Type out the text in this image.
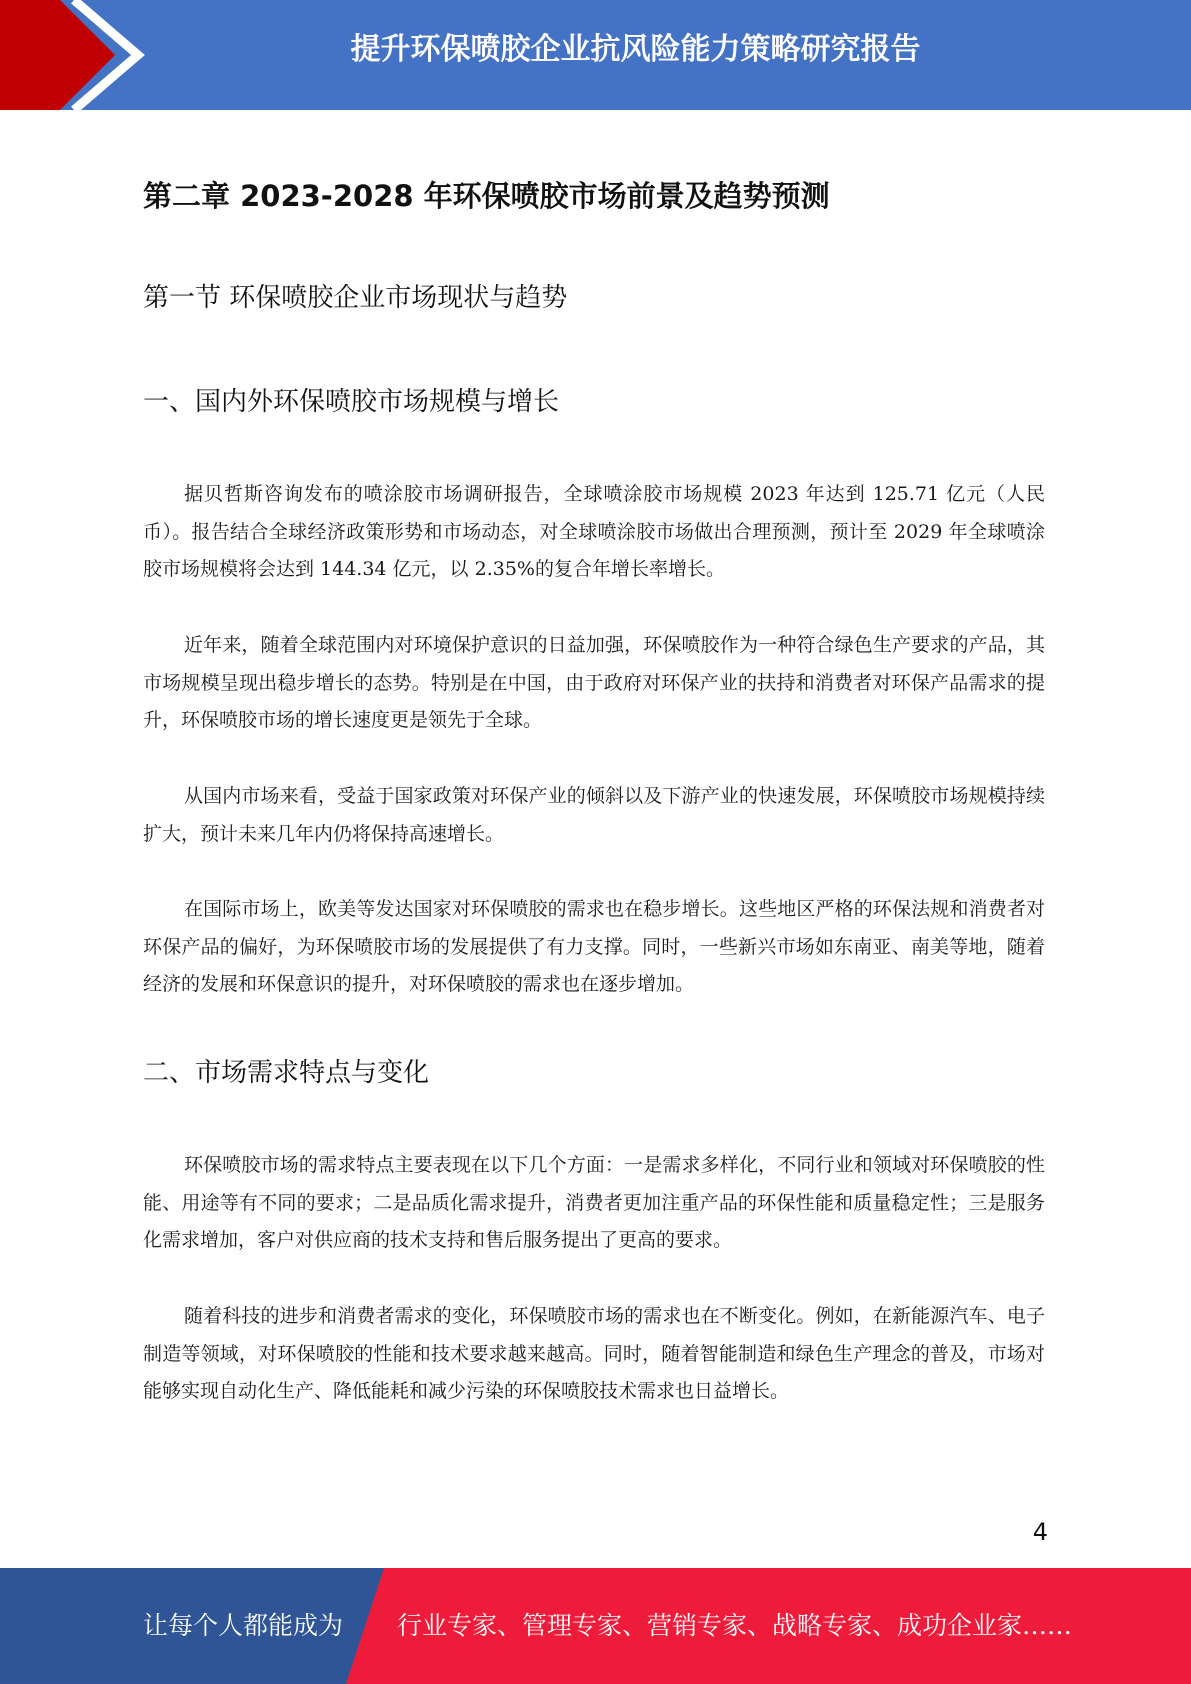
提升环保喷胶企业抗风险能力策略研究报告
第二章 2023-2028 年环保喷胶市场前景及趋势预测
第一节 环保喷胶企业市场现状与趋势
一、国内外环保喷胶市场规模与增长

据贝哲斯咨询发布的喷涂胶市场调研报告，全球喷涂胶市场规模 2023 年达到 125.71 亿元（人民币）。报告结合全球经济政策形势和市场动态，对全球喷涂胶市场做出合理预测，预计至 2029 年全球喷涂胶市场规模将会达到 144.34 亿元，以 2.35%的复合年增长率增长。

近年来，随着全球范围内对环境保护意识的日益加强，环保喷胶作为一种符合绿色生产要求的产品，其市场规模呈现出稳步增长的态势。特别是在中国，由于政府对环保产业的扶持和消费者对环保产品需求的提升，环保喷胶市场的增长速度更是领先于全球。

从国内市场来看，受益于国家政策对环保产业的倾斜以及下游产业的快速发展，环保喷胶市场规模持续扩大，预计未来几年内仍将保持高速增长。

在国际市场上，欧美等发达国家对环保喷胶的需求也在稳步增长。这些地区严格的环保法规和消费者对环保产品的偏好，为环保喷胶市场的发展提供了有力支撑。同时，一些新兴市场如东南亚、南美等地，随着经济的发展和环保意识的提升，对环保喷胶的需求也在逐步增加。

二、市场需求特点与变化

环保喷胶市场的需求特点主要表现在以下几个方面：一是需求多样化，不同行业和领域对环保喷胶的性能、用途等有不同的要求；二是品质化需求提升，消费者更加注重产品的环保性能和质量稳定性；三是服务化需求增加，客户对供应商的技术支持和售后服务提出了更高的要求。

随着科技的进步和消费者需求的变化，环保喷胶市场的需求也在不断变化。例如，在新能源汽车、电子制造等领域，对环保喷胶的性能和技术要求越来越高。同时，随着智能制造和绿色生产理念的普及，市场对能够实现自动化生产、降低能耗和减少污染的环保喷胶技术需求也日益增长。

4
让每个人都能成为 行业专家、管理专家、营销专家、战略专家、成功企业家……
